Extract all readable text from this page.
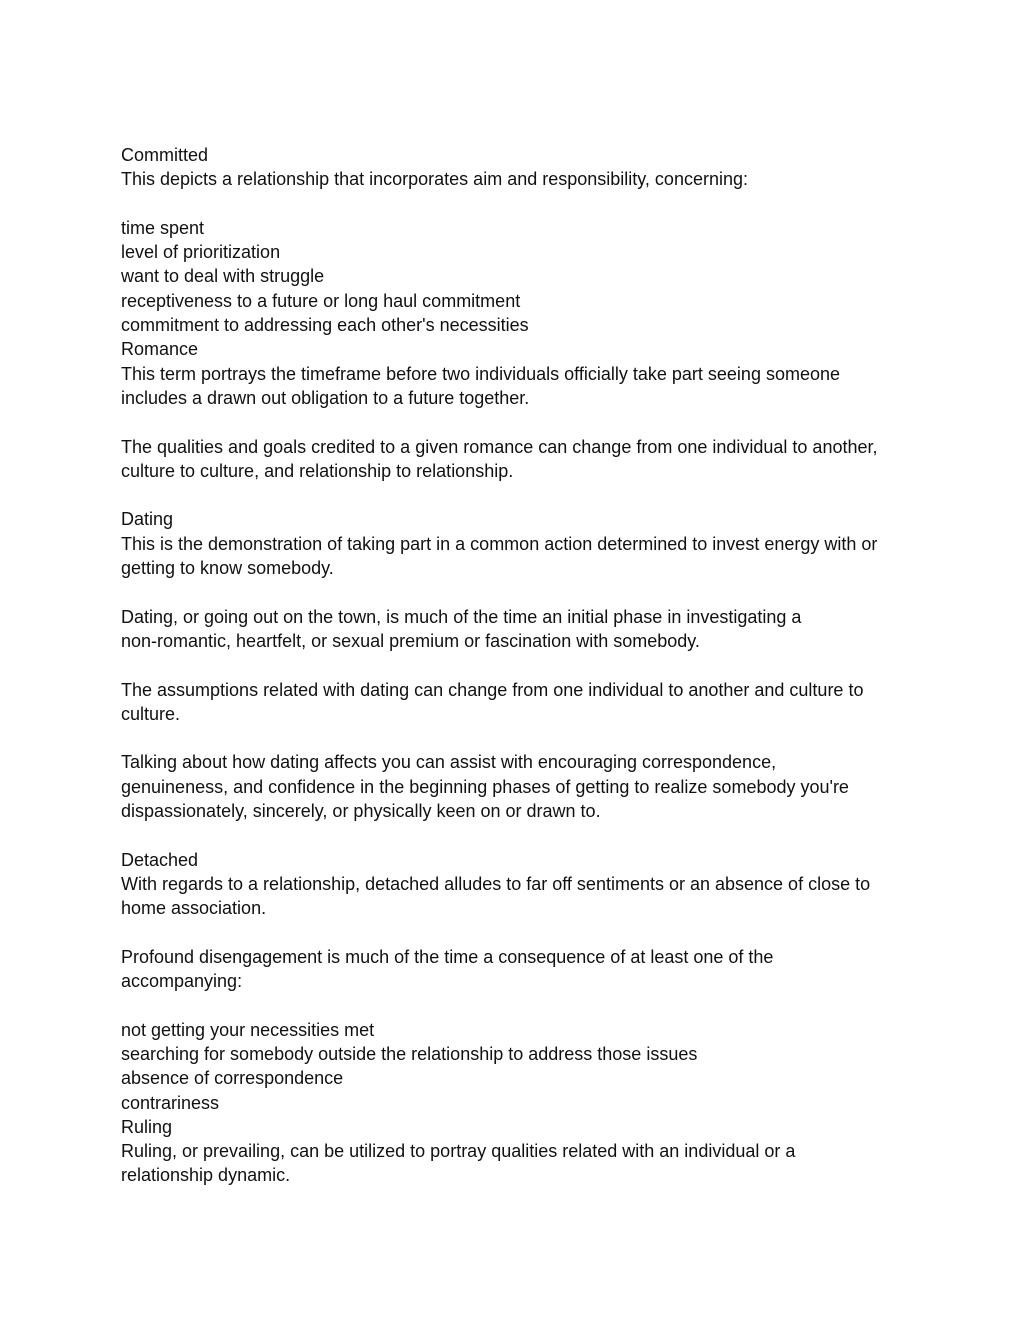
Committed
This depicts a relationship that incorporates aim and responsibility, concerning:
time spent
level of prioritization
want to deal with struggle
receptiveness to a future or long haul commitment
commitment to addressing each other's necessities
Romance
This term portrays the timeframe before two individuals officially take part seeing someone
includes a drawn out obligation to a future together.
The qualities and goals credited to a given romance can change from one individual to another,
culture to culture, and relationship to relationship.
Dating
This is the demonstration of taking part in a common action determined to invest energy with or
getting to know somebody.
Dating, or going out on the town, is much of the time an initial phase in investigating a
non-romantic, heartfelt, or sexual premium or fascination with somebody.
The assumptions related with dating can change from one individual to another and culture to
culture.
Talking about how dating affects you can assist with encouraging correspondence,
genuineness, and confidence in the beginning phases of getting to realize somebody you're
dispassionately, sincerely, or physically keen on or drawn to.
Detached
With regards to a relationship, detached alludes to far off sentiments or an absence of close to
home association.
Profound disengagement is much of the time a consequence of at least one of the
accompanying:
not getting your necessities met
searching for somebody outside the relationship to address those issues
absence of correspondence
contrariness
Ruling
Ruling, or prevailing, can be utilized to portray qualities related with an individual or a
relationship dynamic.
